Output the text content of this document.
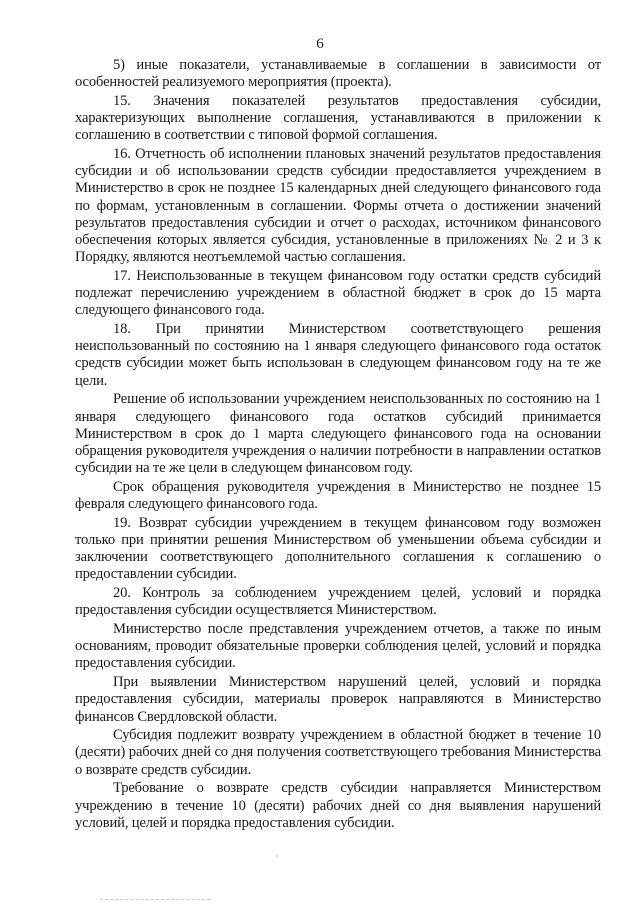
6

5) иные показатели, устанавливаемые в соглашении в зависимости от особенностей реализуемого мероприятия (проекта).

15. Значения показателей результатов предоставления субсидии, характеризующих выполнение соглашения, устанавливаются в приложении к соглашению в соответствии с типовой формой соглашения.

16. Отчетность об исполнении плановых значений результатов предоставления субсидии и об использовании средств субсидии предоставляется учреждением в Министерство в срок не позднее 15 календарных дней следующего финансового года по формам, установленным в соглашении. Формы отчета о достижении значений результатов предоставления субсидии и отчет о расходах, источником финансового обеспечения которых является субсидия, установленные в приложениях № 2 и 3 к Порядку, являются неотъемлемой частью соглашения.

17. Неиспользованные в текущем финансовом году остатки средств субсидий подлежат перечислению учреждением в областной бюджет в срок до 15 марта следующего финансового года.

18. При принятии Министерством соответствующего решения неиспользованный по состоянию на 1 января следующего финансового года остаток средств субсидии может быть использован в следующем финансовом году на те же цели.

Решение об использовании учреждением неиспользованных по состоянию на 1 января следующего финансового года остатков субсидий принимается Министерством в срок до 1 марта следующего финансового года на основании обращения руководителя учреждения о наличии потребности в направлении остатков субсидии на те же цели в следующем финансовом году.

Срок обращения руководителя учреждения в Министерство не позднее 15 февраля следующего финансового года.

19. Возврат субсидии учреждением в текущем финансовом году возможен только при принятии решения Министерством об уменьшении объема субсидии и заключении соответствующего дополнительного соглашения к соглашению о предоставлении субсидии.

20. Контроль за соблюдением учреждением целей, условий и порядка предоставления субсидии осуществляется Министерством.

Министерство после представления учреждением отчетов, а также по иным основаниям, проводит обязательные проверки соблюдения целей, условий и порядка предоставления субсидии.

При выявлении Министерством нарушений целей, условий и порядка предоставления субсидии, материалы проверок направляются в Министерство финансов Свердловской области.

Субсидия подлежит возврату учреждением в областной бюджет в течение 10 (десяти) рабочих дней со дня получения соответствующего требования Министерства о возврате средств субсидии.

Требование о возврате средств субсидии направляется Министерством учреждению в течение 10 (десяти) рабочих дней со дня выявления нарушений условий, целей и порядка предоставления субсидии.
